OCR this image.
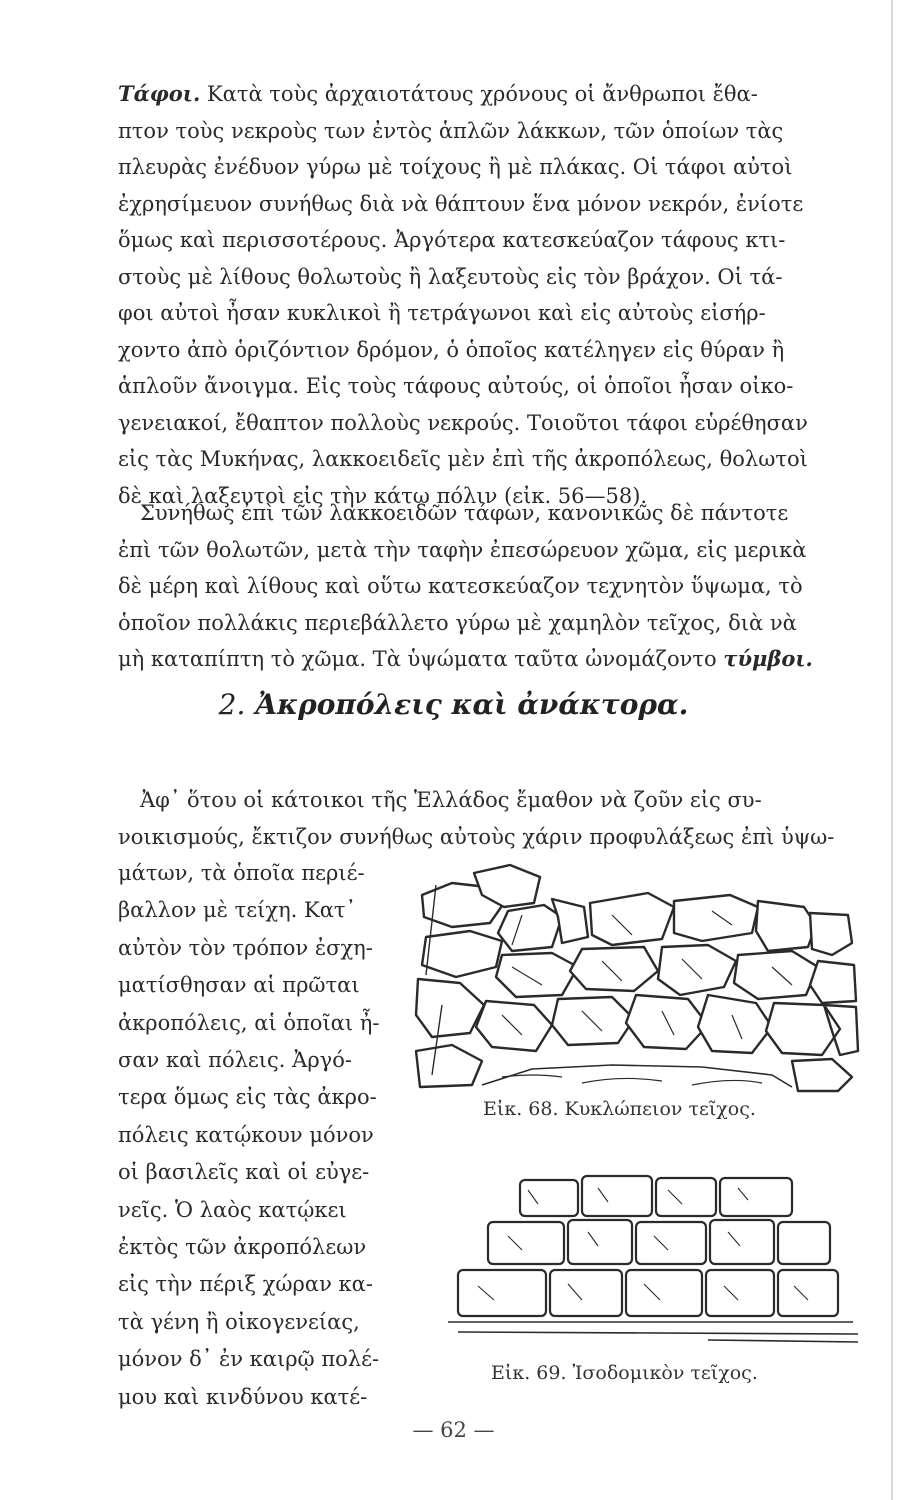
Τάφοι. Κατὰ τοὺς ἀρχαιοτάτους χρόνους οἱ ἄνθρωποι ἔθα-
πτον τοὺς νεκροὺς των ἐντὸς ἁπλῶν λάκκων, τῶν ὁποίων τὰς
πλευρὰς ἐνέδυον γύρω μὲ τοίχους ἢ μὲ πλάκας. Οἱ τάφοι αὐτοὶ
ἐχρησίμευον συνήθως διὰ νὰ θάπτουν ἕνα μόνον νεκρόν, ἐνίοτε
ὅμως καὶ περισσοτέρους. Ἀργότερα κατεσκεύαζον τάφους κτι-
στοὺς μὲ λίθους θολωτοὺς ἢ λαξευτοὺς εἰς τὸν βράχον. Οἱ τά-
φοι αὐτοὶ ἦσαν κυκλικοὶ ἢ τετράγωνοι καὶ εἰς αὐτοὺς εἰσήρ-
χοντο ἀπὸ ὁριζόντιον δρόμον, ὁ ὁποῖος κατέληγεν εἰς θύραν ἢ
ἁπλοῦν ἄνοιγμα. Εἰς τοὺς τάφους αὐτούς, οἱ ὁποῖοι ἦσαν οἰκο-
γενειακοί, ἔθαπτον πολλοὺς νεκρούς. Τοιοῦτοι τάφοι εὑρέθησαν
εἰς τὰς Μυκήνας, λακκοειδεῖς μὲν ἐπὶ τῆς ἀκροπόλεως, θολωτοὶ
δὲ καὶ λαξευτοὶ εἰς τὴν κάτω πόλιν (εἰκ. 56—58).
Συνήθως ἐπὶ τῶν λακκοειδῶν τάφων, κανονικῶς δὲ πάντοτε
ἐπὶ τῶν θολωτῶν, μετὰ τὴν ταφὴν ἐπεσώρευον χῶμα, εἰς μερικὰ
δὲ μέρη καὶ λίθους καὶ οὕτω κατεσκεύαζον τεχνητὸν ὕψωμα, τὸ
ὁποῖον πολλάκις περιεβάλλετο γύρω μὲ χαμηλὸν τεῖχος, διὰ νὰ
μὴ καταπίπτη τὸ χῶμα. Τὰ ὑψώματα ταῦτα ὠνομάζοντο τύμβοι.
2. Ἀκροπόλεις καὶ ἀνάκτορα.
Ἀφ᾿ ὅτου οἱ κάτοικοι τῆς Ἑλλάδος ἔμαθον νὰ ζοῦν εἰς συ-
νοικισμούς, ἔκτιζον συνήθως αὐτοὺς χάριν προφυλάξεως ἐπὶ ὑψω-
μάτων, τὰ ὁποῖα περιέ-
βαλλον μὲ τείχη. Κατ᾿
αὐτὸν τὸν τρόπον ἐσχη-
ματίσθησαν αἱ πρῶται
ἀκροπόλεις, αἱ ὁποῖαι ἦ-
σαν καὶ πόλεις. Ἀργό-
τερα ὅμως εἰς τὰς ἀκρο-
πόλεις κατῴκουν μόνον
οἱ βασιλεῖς καὶ οἱ εὐγε-
νεῖς. Ὁ λαὸς κατῴκει
ἐκτὸς τῶν ἀκροπόλεων
εἰς τὴν πέριξ χώραν κα-
τὰ γένη ἢ οἰκογενείας,
μόνον δ᾿ ἐν καιρῷ πολέ-
μου καὶ κινδύνου κατέ-
Εἰκ. 68. Κυκλώπειον τεῖχος.
Εἰκ. 69. Ἰσοδομικὸν τεῖχος.
— 62 —
